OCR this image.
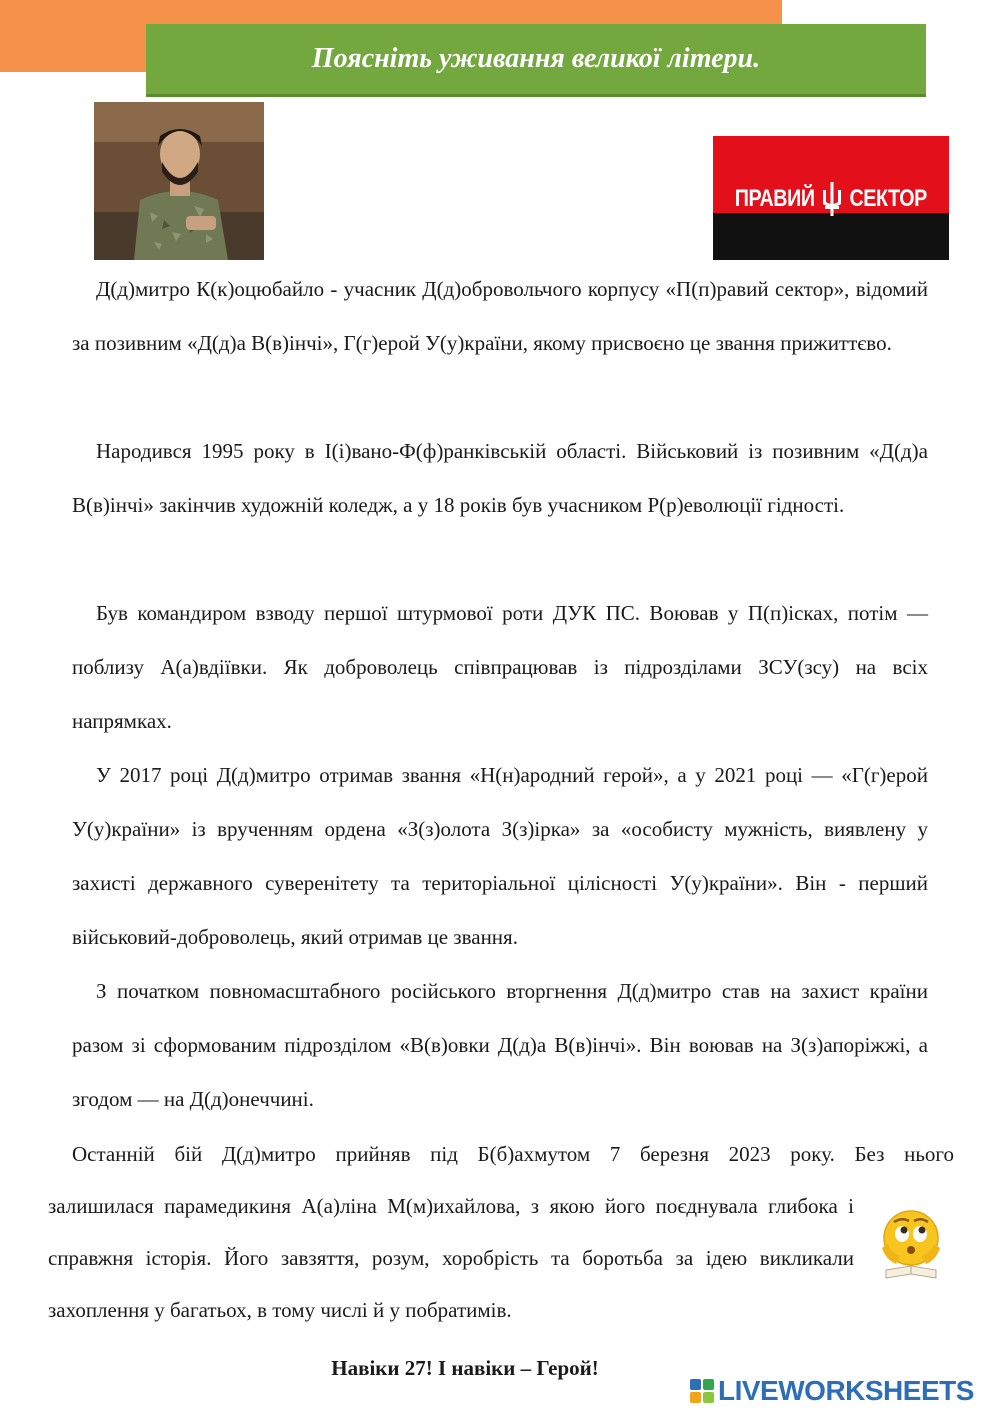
Поясніть уживання великої літери.
ПРАВИЙ СЕКТОР

Д(д)митро К(к)оцюбайло - учасник Д(д)обровольчого корпусу «П(п)равий сектор», відомий за позивним «Д(д)а В(в)інчі», Г(г)ерой У(у)країни, якому присвоєно це звання прижиттєво.

Народився 1995 року в І(і)вано-Ф(ф)ранківській області. Військовий із позивним «Д(д)а В(в)інчі» закінчив художній коледж, а у 18 років був учасником Р(р)еволюції гідності.

Був командиром взводу першої штурмової роти ДУК ПС. Воював у П(п)ісках, потім — поблизу А(а)вдіївки. Як доброволець співпрацював із підрозділами ЗСУ(зсу) на всіх напрямках.

У 2017 році Д(д)митро отримав звання «Н(н)ародний герой», а у 2021 році — «Г(г)ерой У(у)країни» із врученням ордена «З(з)олота З(з)ірка» за «особисту мужність, виявлену у захисті державного суверенітету та територіальної цілісності У(у)країни». Він - перший військовий-доброволець, який отримав це звання.

З початком повномасштабного російського вторгнення Д(д)митро став на захист країни разом зі сформованим підрозділом «В(в)овки Д(д)а В(в)інчі». Він воював на З(з)апоріжжі, а згодом — на Д(д)онеччині.

Останній бій Д(д)митро прийняв під Б(б)ахмутом 7 березня 2023 року. Без нього
залишилася парамедикиня А(а)ліна М(м)ихайлова, з якою його поєднувала глибока і справжня історія. Його завзяття, розум, хоробрість та боротьба за ідею викликали захоплення у багатьох, в тому числі й у побратимів.
Навіки 27! І навіки – Герой!
LIVEWORKSHEETS
